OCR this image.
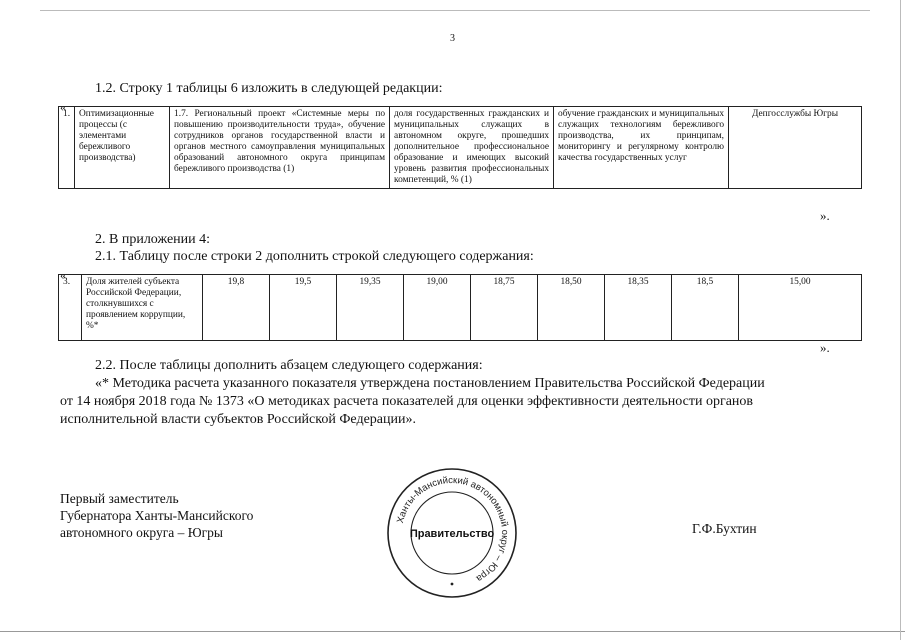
3
1.2. Строку 1 таблицы 6 изложить в следующей редакции:
«
1.	Оптимизационные процессы (с элементами бережливого производства)	1.7. Региональный проект «Системные меры по повышению производительности труда», обучение сотрудников органов государственной власти и органов местного самоуправления муниципальных образований автономного округа принципам бережливого производства (1)	доля государственных гражданских и муниципальных служащих в автономном округе, прошедших дополнительное профессиональное образование и имеющих высокий уровень развития профессиональных компетенций, % (1)	обучение гражданских и муниципальных служащих технологиям бережливого производства, их принципам, мониторингу и регулярному контролю качества государственных услуг	Депгосслужбы Югры
».
2. В приложении 4:
2.1. Таблицу после строки 2 дополнить строкой следующего содержания:
«
3.	Доля жителей субъекта Российской Федерации, столкнувшихся с проявлением коррупции, %*	19,8	19,5	19,35	19,00	18,75	18,50	18,35	18,5	15,00
».
2.2. После таблицы дополнить абзацем следующего содержания:
«* Методика расчета указанного показателя утверждена постановлением Правительства Российской Федерации
от 14 ноября 2018 года № 1373 «О методиках расчета показателей для оценки эффективности деятельности органов
исполнительной власти субъектов Российской Федерации».
Первый заместитель
Губернатора Ханты-Мансийского
автономного округа – Югры	Г.Ф.Бухтин
Ханты-Мансийский автономный округ – Югра
Правительство
